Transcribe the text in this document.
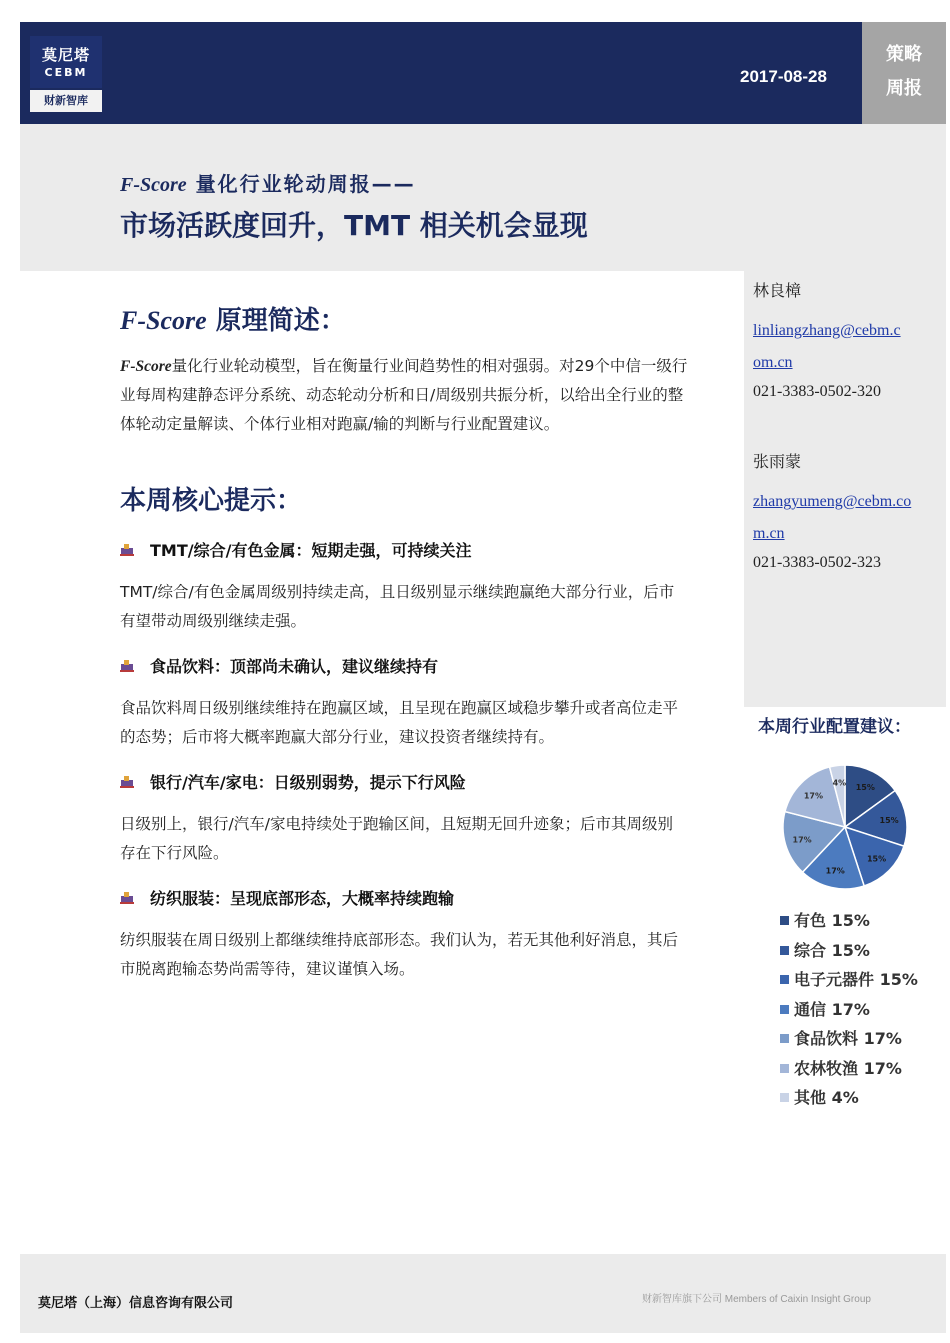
莫尼塔
CEBM
财新智库
2017-08-28
策略
周报
F-Score 量化行业轮动周报——
市场活跃度回升，TMT 相关机会显现
F-Score 原理简述：
F-Score量化行业轮动模型，旨在衡量行业间趋势性的相对强弱。对29个中信一级行
业每周构建静态评分系统、动态轮动分析和日/周级别共振分析，以给出全行业的整
体轮动定量解读、个体行业相对跑赢/输的判断与行业配置建议。
本周核心提示：
TMT/综合/有色金属：短期走强，可持续关注
TMT/综合/有色金属周级别持续走高，且日级别显示继续跑赢绝大部分行业，后市
有望带动周级别继续走强。
食品饮料：顶部尚未确认，建议继续持有
食品饮料周日级别继续维持在跑赢区域，且呈现在跑赢区域稳步攀升或者高位走平
的态势；后市将大概率跑赢大部分行业，建议投资者继续持有。
银行/汽车/家电：日级别弱势，提示下行风险
日级别上，银行/汽车/家电持续处于跑输区间，且短期无回升迹象；后市其周级别
存在下行风险。
纺织服装：呈现底部形态，大概率持续跑输
纺织服装在周日级别上都继续维持底部形态。我们认为，若无其他利好消息，其后
市脱离跑输态势尚需等待，建议谨慎入场。
林良樟
linliangzhang@cebm.c
om.cn
021-3383-0502-320
张雨蒙
zhangyumeng@cebm.co
m.cn
021-3383-0502-323
本周行业配置建议：
15%
15%
15%
17%
17%
17%
4%
有色 15%
综合 15%
电子元器件 15%
通信 17%
食品饮料 17%
农林牧渔 17%
其他 4%
莫尼塔（上海）信息咨询有限公司	财新智库旗下公司 Members of Caixin Insight Group
